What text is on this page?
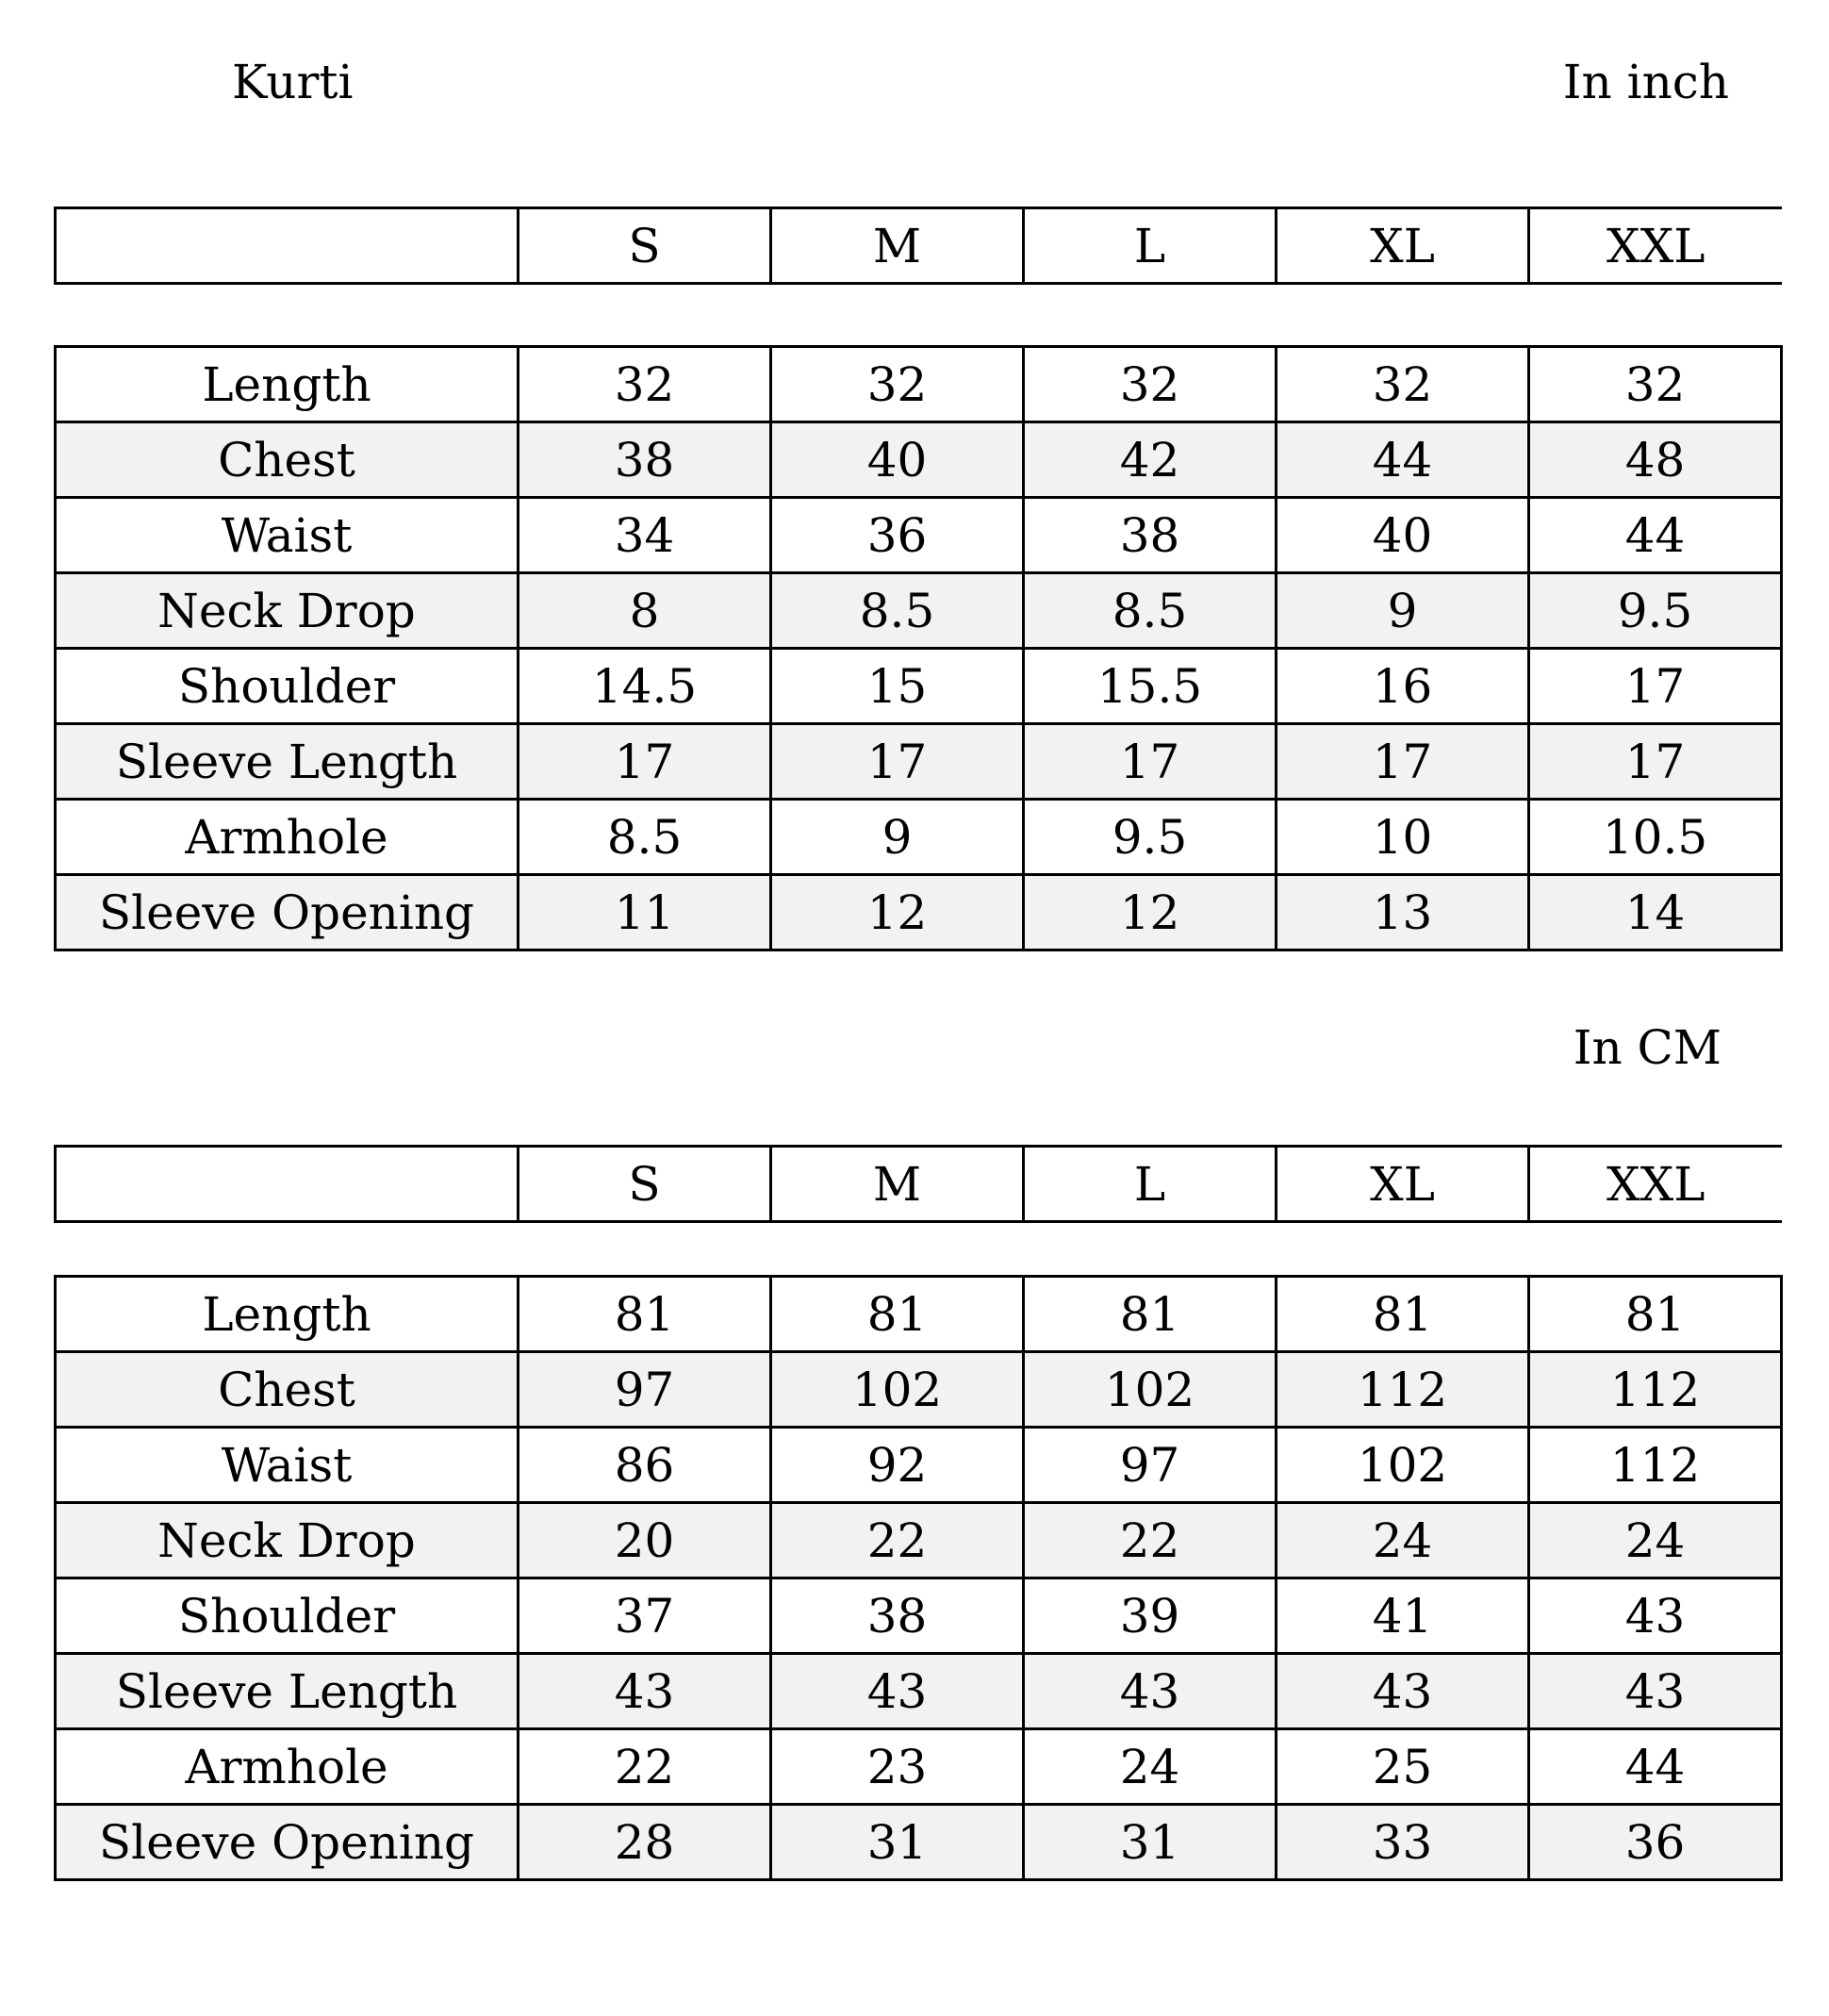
Kurti	In inch
	S	M	L	XL	XXL
Length	32	32	32	32	32
Chest	38	40	42	44	48
Waist	34	36	38	40	44
Neck Drop	8	8.5	8.5	9	9.5
Shoulder	14.5	15	15.5	16	17
Sleeve Length	17	17	17	17	17
Armhole	8.5	9	9.5	10	10.5
Sleeve Opening	11	12	12	13	14
In CM
	S	M	L	XL	XXL
Length	81	81	81	81	81
Chest	97	102	102	112	112
Waist	86	92	97	102	112
Neck Drop	20	22	22	24	24
Shoulder	37	38	39	41	43
Sleeve Length	43	43	43	43	43
Armhole	22	23	24	25	44
Sleeve Opening	28	31	31	33	36
